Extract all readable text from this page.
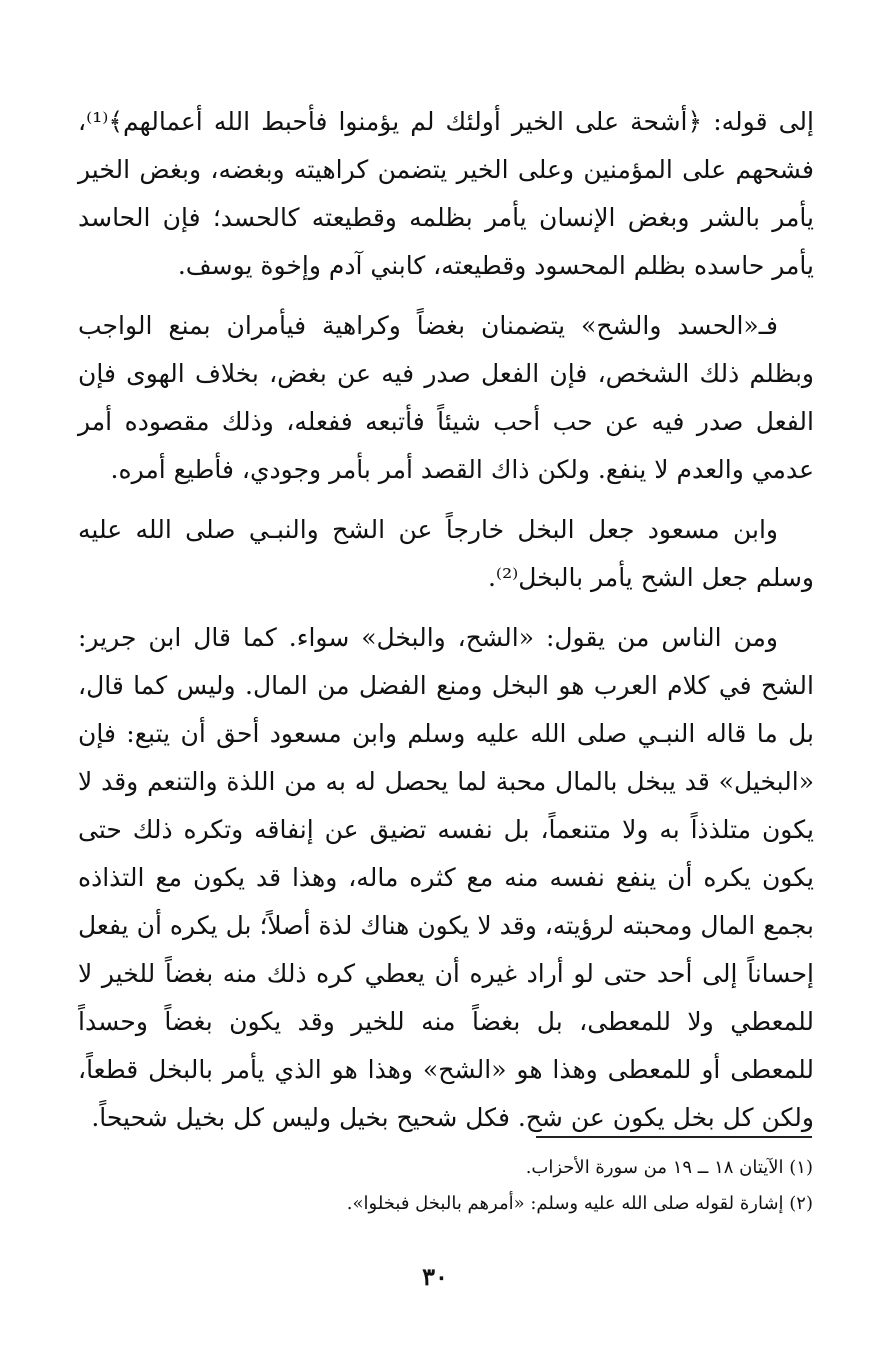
إلى قوله: ﴿أشحة على الخير أولئك لم يؤمنوا فأحبط الله أعمالهم﴾⁽¹⁾، فشحهم على المؤمنين وعلى الخير يتضمن كراهيته وبغضه، وبغض الخير يأمر بالشر وبغض الإنسان يأمر بظلمه وقطيعته كالحسد؛ فإن الحاسد يأمر حاسده بظلم المحسود وقطيعته، كابني آدم وإخوة يوسف.

فـ«الحسد والشح» يتضمنان بغضاً وكراهية فيأمران بمنع الواجب وبظلم ذلك الشخص، فإن الفعل صدر فيه عن بغض، بخلاف الهوى فإن الفعل صدر فيه عن حب أحب شيئاً فأتبعه ففعله، وذلك مقصوده أمر عدمي والعدم لا ينفع. ولكن ذاك القصد أمر بأمر وجودي، فأطيع أمره.

وابن مسعود جعل البخل خارجاً عن الشح والنبـي صلى الله عليه وسلم جعل الشح يأمر بالبخل⁽²⁾.

ومن الناس من يقول: «الشح، والبخل» سواء. كما قال ابن جرير: الشح في كلام العرب هو البخل ومنع الفضل من المال. وليس كما قال، بل ما قاله النبـي صلى الله عليه وسلم وابن مسعود أحق أن يتبع: فإن «البخيل» قد يبخل بالمال محبة لما يحصل له به من اللذة والتنعم وقد لا يكون متلذذاً به ولا متنعماً، بل نفسه تضيق عن إنفاقه وتكره ذلك حتى يكون يكره أن ينفع نفسه منه مع كثره ماله، وهذا قد يكون مع التذاذه بجمع المال ومحبته لرؤيته، وقد لا يكون هناك لذة أصلاً؛ بل يكره أن يفعل إحساناً إلى أحد حتى لو أراد غيره أن يعطي كره ذلك منه بغضاً للخير لا للمعطي ولا للمعطى، بل بغضاً منه للخير وقد يكون بغضاً وحسداً للمعطى أو للمعطى وهذا هو «الشح» وهذا هو الذي يأمر بالبخل قطعاً، ولكن كل بخل يكون عن شح. فكل شحيح بخيل وليس كل بخيل شحيحاً.

(١) الآيتان ١٨ ــ ١٩ من سورة الأحزاب.

(٢) إشارة لقوله صلى الله عليه وسلم: «أمرهم بالبخل فبخلوا».

٣٠
